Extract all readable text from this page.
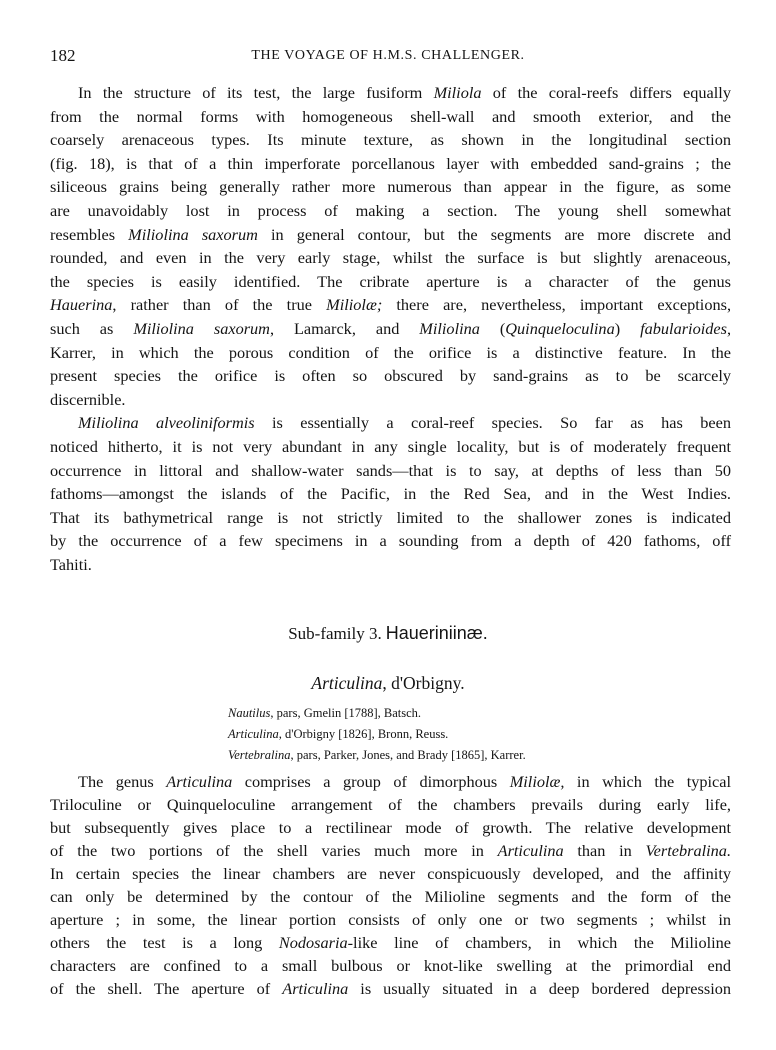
182	THE VOYAGE OF H.M.S. CHALLENGER.
In the structure of its test, the large fusiform Miliola of the coral-reefs differs equally
from the normal forms with homogeneous shell-wall and smooth exterior, and the
coarsely arenaceous types. Its minute texture, as shown in the longitudinal section
(fig. 18), is that of a thin imperforate porcellanous layer with embedded sand-grains ; the
siliceous grains being generally rather more numerous than appear in the figure, as some
are unavoidably lost in process of making a section. The young shell somewhat
resembles Miliolina saxorum in general contour, but the segments are more discrete and
rounded, and even in the very early stage, whilst the surface is but slightly arenaceous,
the species is easily identified. The cribrate aperture is a character of the genus
Hauerina, rather than of the true Miliolæ; there are, nevertheless, important exceptions,
such as Miliolina saxorum, Lamarck, and Miliolina (Quinqueloculina) fabularioides,
Karrer, in which the porous condition of the orifice is a distinctive feature. In the
present species the orifice is often so obscured by sand-grains as to be scarcely
discernible.
Miliolina alveoliniformis is essentially a coral-reef species. So far as has been
noticed hitherto, it is not very abundant in any single locality, but is of moderately frequent
occurrence in littoral and shallow-water sands—that is to say, at depths of less than 50
fathoms—amongst the islands of the Pacific, in the Red Sea, and in the West Indies.
That its bathymetrical range is not strictly limited to the shallower zones is indicated
by the occurrence of a few specimens in a sounding from a depth of 420 fathoms, off
Tahiti.
Sub-family 3. Haueriniinæ.
Articulina, d'Orbigny.
Nautilus, pars, Gmelin [1788], Batsch.
Articulina, d'Orbigny [1826], Bronn, Reuss.
Vertebralina, pars, Parker, Jones, and Brady [1865], Karrer.
The genus Articulina comprises a group of dimorphous Miliolæ, in which the typical
Triloculine or Quinqueloculine arrangement of the chambers prevails during early life,
but subsequently gives place to a rectilinear mode of growth. The relative development
of the two portions of the shell varies much more in Articulina than in Vertebralina.
In certain species the linear chambers are never conspicuously developed, and the affinity
can only be determined by the contour of the Milioline segments and the form of the
aperture ; in some, the linear portion consists of only one or two segments ; whilst in
others the test is a long Nodosaria-like line of chambers, in which the Milioline
characters are confined to a small bulbous or knot-like swelling at the primordial end
of the shell. The aperture of Articulina is usually situated in a deep bordered depression
